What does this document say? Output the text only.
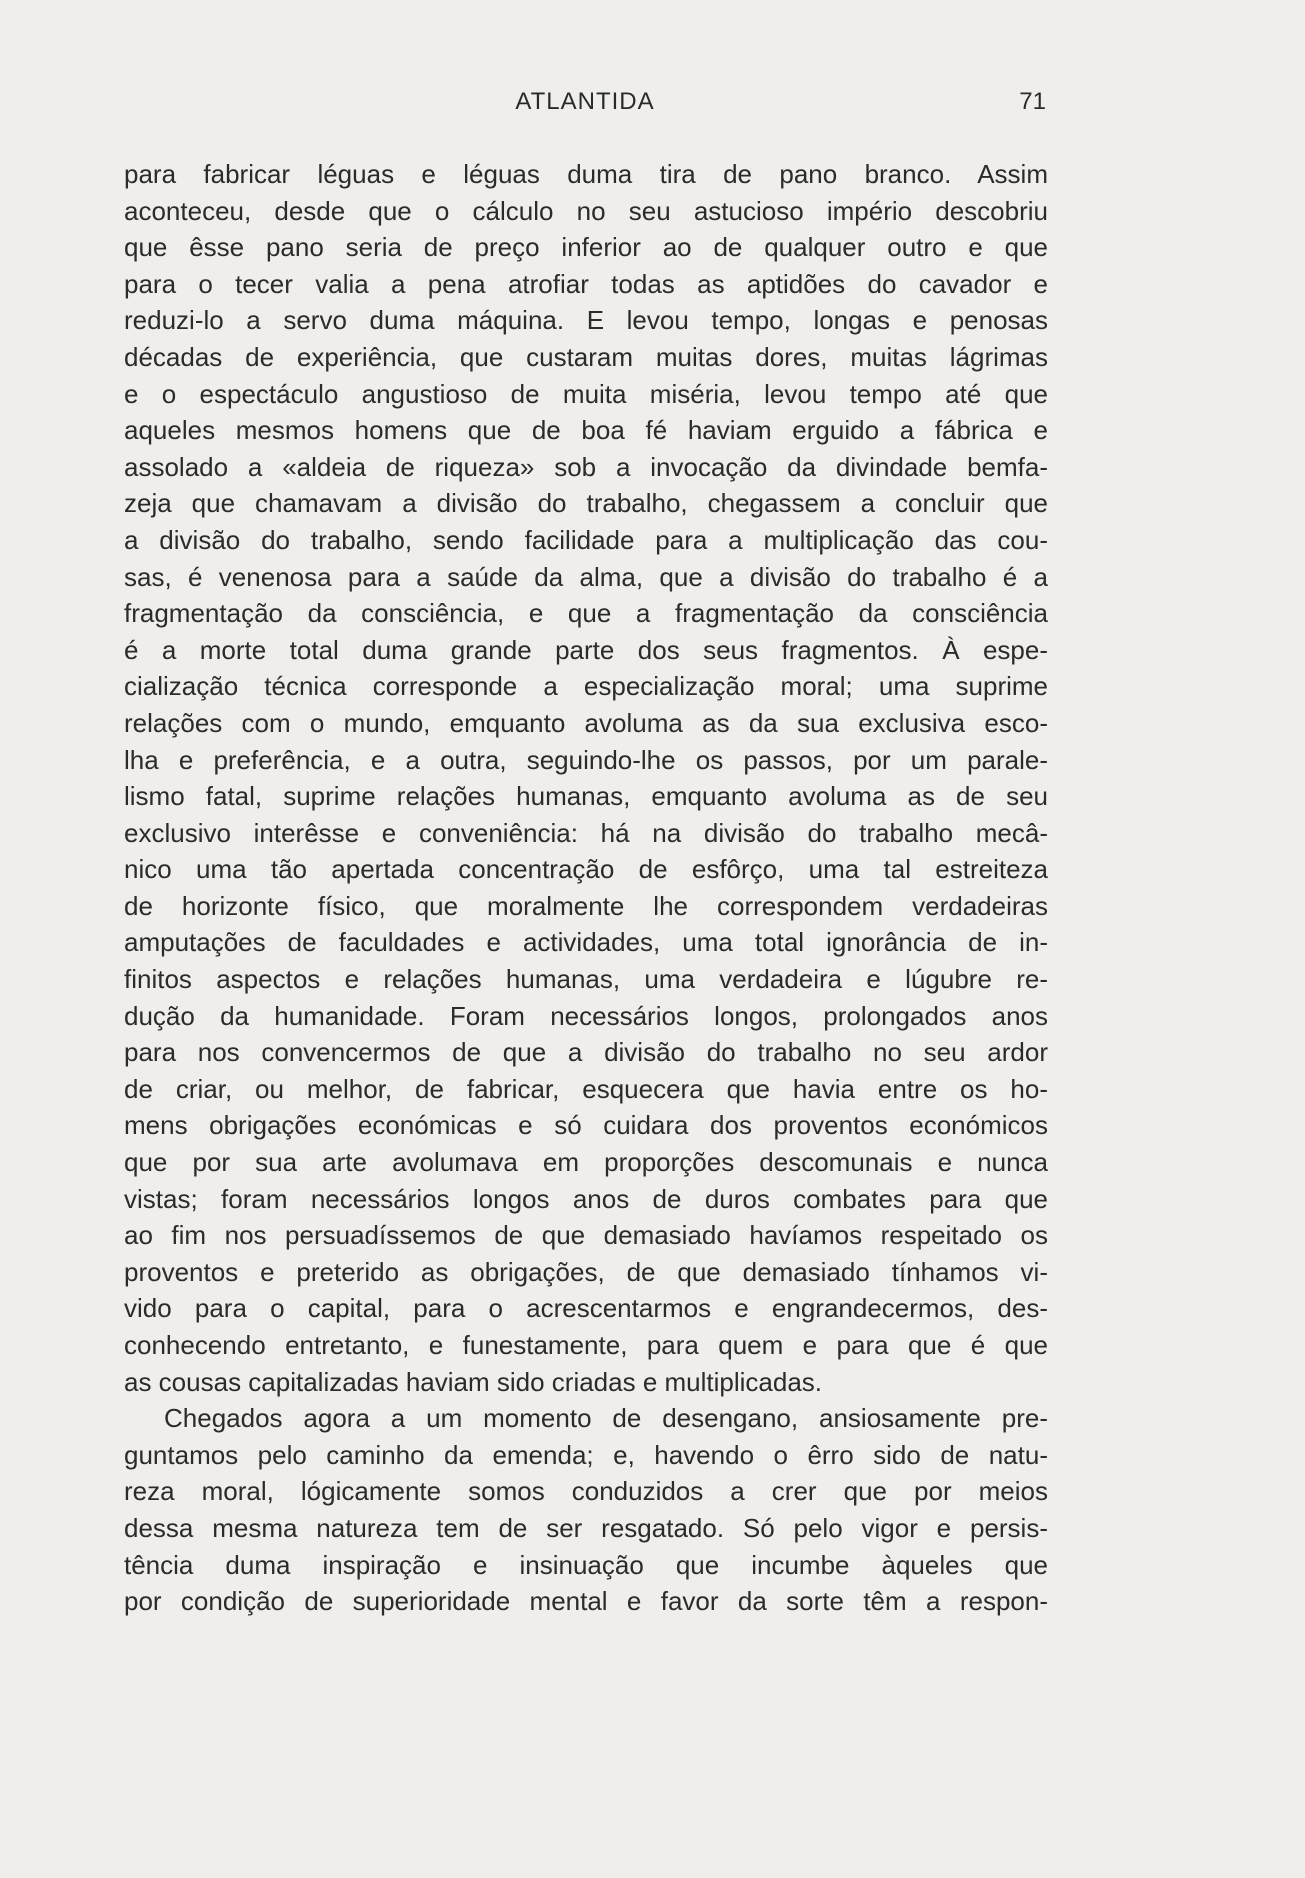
ATLANTIDA	71
para fabricar léguas e léguas duma tira de pano branco. Assim
aconteceu, desde que o cálculo no seu astucioso império descobriu
que êsse pano seria de preço inferior ao de qualquer outro e que
para o tecer valia a pena atrofiar todas as aptidões do cavador e
reduzi-lo a servo duma máquina. E levou tempo, longas e penosas
décadas de experiência, que custaram muitas dores, muitas lágrimas
e o espectáculo angustioso de muita miséria, levou tempo até que
aqueles mesmos homens que de boa fé haviam erguido a fábrica e
assolado a «aldeia de riqueza» sob a invocação da divindade bemfa-
zeja que chamavam a divisão do trabalho, chegassem a concluir que
a divisão do trabalho, sendo facilidade para a multiplicação das cou-
sas, é venenosa para a saúde da alma, que a divisão do trabalho é a
fragmentação da consciência, e que a fragmentação da consciência
é a morte total duma grande parte dos seus fragmentos. À espe-
cialização técnica corresponde a especialização moral; uma suprime
relações com o mundo, emquanto avoluma as da sua exclusiva esco-
lha e preferência, e a outra, seguindo-lhe os passos, por um parale-
lismo fatal, suprime relações humanas, emquanto avoluma as de seu
exclusivo interêsse e conveniência: há na divisão do trabalho mecâ-
nico uma tão apertada concentração de esfôrço, uma tal estreiteza
de horizonte físico, que moralmente lhe correspondem verdadeiras
amputações de faculdades e actividades, uma total ignorância de in-
finitos aspectos e relações humanas, uma verdadeira e lúgubre re-
dução da humanidade. Foram necessários longos, prolongados anos
para nos convencermos de que a divisão do trabalho no seu ardor
de criar, ou melhor, de fabricar, esquecera que havia entre os ho-
mens obrigações económicas e só cuidara dos proventos económicos
que por sua arte avolumava em proporções descomunais e nunca
vistas; foram necessários longos anos de duros combates para que
ao fim nos persuadíssemos de que demasiado havíamos respeitado os
proventos e preterido as obrigações, de que demasiado tínhamos vi-
vido para o capital, para o acrescentarmos e engrandecermos, des-
conhecendo entretanto, e funestamente, para quem e para que é que
as cousas capitalizadas haviam sido criadas e multiplicadas.
Chegados agora a um momento de desengano, ansiosamente pre-
guntamos pelo caminho da emenda; e, havendo o êrro sido de natu-
reza moral, lógicamente somos conduzidos a crer que por meios
dessa mesma natureza tem de ser resgatado. Só pelo vigor e persis-
tência duma inspiração e insinuação que incumbe àqueles que
por condição de superioridade mental e favor da sorte têm a respon-
